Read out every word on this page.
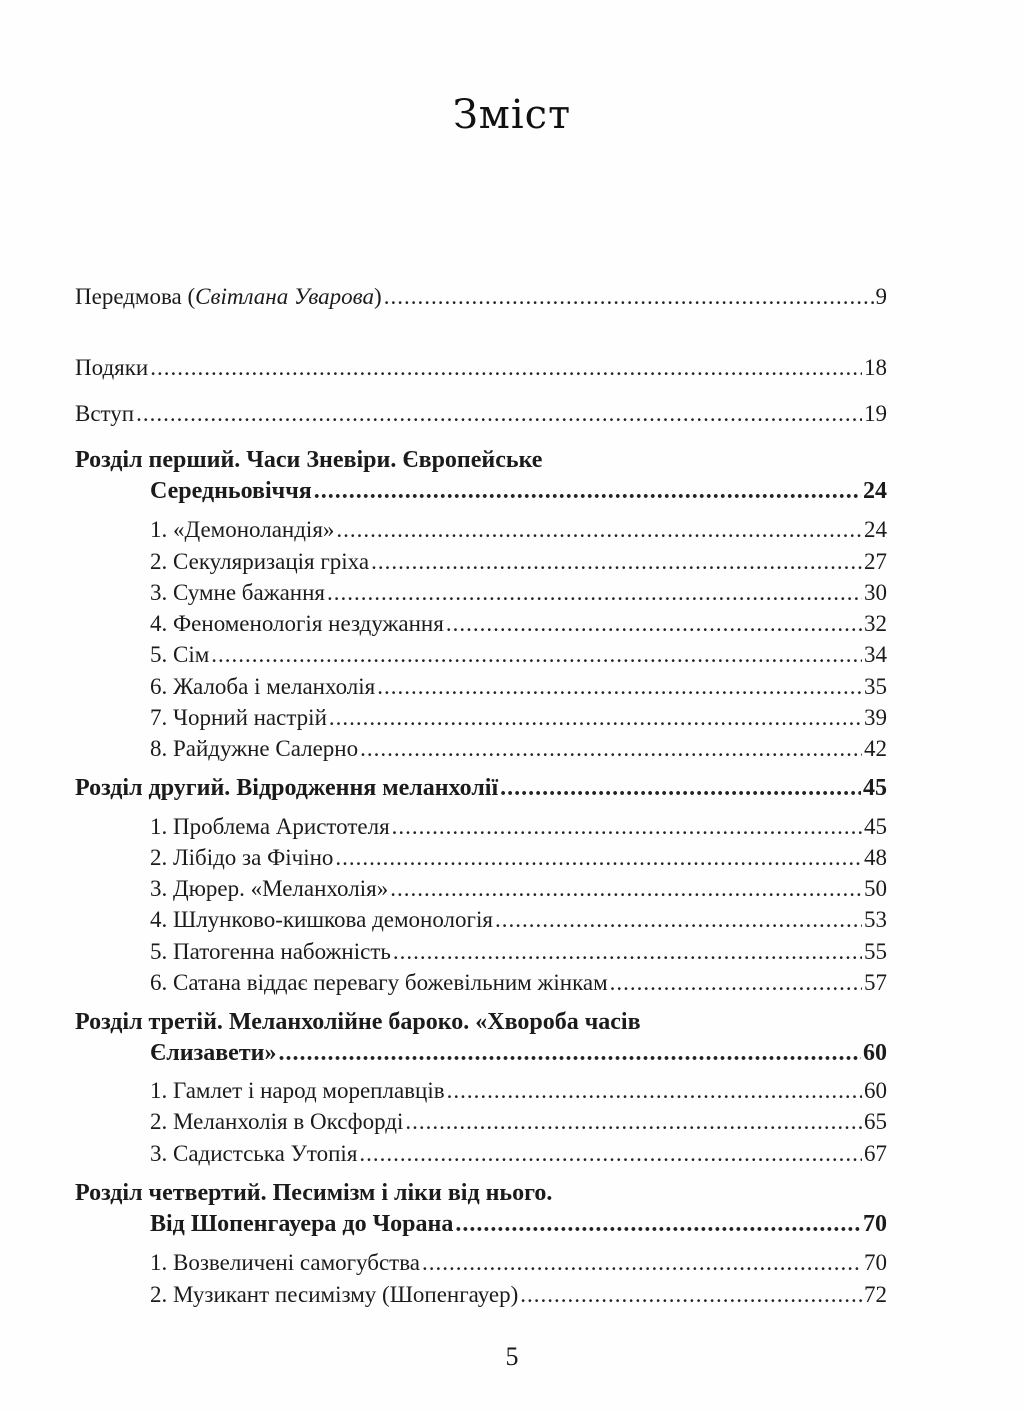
Зміст
Передмова (Світлана Уварова) .....	9
Подяки .....	18
Вступ .....	19
Розділ перший. Часи Зневіри. Європейське
Середньовіччя .....	24
1. «Демоноландія» .....	24
2. Секуляризація гріха .....	27
3. Сумне бажання .....	30
4. Феноменологія нездужання .....	32
5. Сім .....	34
6. Жалоба і меланхолія .....	35
7. Чорний настрій .....	39
8. Райдужне Салерно .....	42
Розділ другий. Відродження меланхолії .....	45
1. Проблема Аристотеля .....	45
2. Лібідо за Фічіно .....	48
3. Дюрер. «Меланхолія» .....	50
4. Шлунково-кишкова демонологія .....	53
5. Патогенна набожність .....	55
6. Сатана віддає перевагу божевільним жінкам .....	57
Розділ третій. Меланхолійне бароко. «Хвороба часів
Єлизавети» .....	60
1. Гамлет і народ мореплавців .....	60
2. Меланхолія в Оксфорді .....	65
3. Садистська Утопія .....	67
Розділ четвертий. Песимізм і ліки від нього.
Від Шопенгауера до Чорана .....	70
1. Возвеличені самогубства .....	70
2. Музикант песимізму (Шопенгауер) .....	72
5
